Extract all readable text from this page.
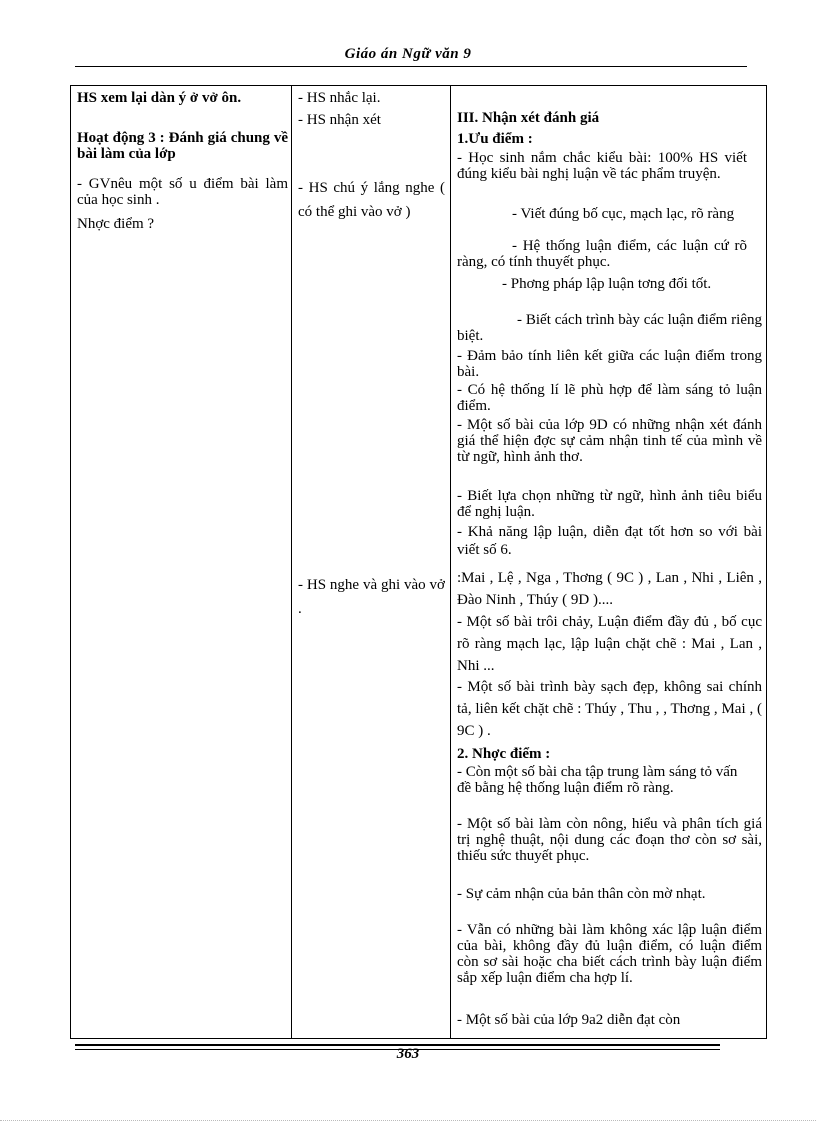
Giáo án Ngữ văn 9
HS xem lại dàn ý ở vở ôn.
Hoạt động 3 : Đánh giá chung về bài làm của lớp
- GVnêu một số u điểm bài làm của học sinh .
Nhợc điểm ?
- HS nhắc lại.
- HS nhận xét
- HS chú ý lắng nghe ( có thể ghi vào vở )
- HS nghe và ghi vào vở .
III. Nhận xét đánh giá
1.Ưu điểm :
- Học sinh nắm chắc kiểu bài: 100% HS viết đúng kiểu bài nghị luận về tác phẩm truyện.
- Viết đúng bố cục, mạch lạc, rõ ràng
- Hệ thống luận điểm, các luận cứ rõ ràng, có tính thuyết phục.
- Phơng pháp lập luận tơng đối tốt.
- Biết cách trình bày các luận điểm riêng biệt.
- Đảm bảo tính liên kết giữa các luận điểm trong bài.
- Có hệ thống lí lẽ phù hợp để làm sáng tỏ luận điểm.
- Một số bài của lớp 9D có những nhận xét đánh giá thể hiện đợc sự cảm nhận tinh tế của mình về từ ngữ, hình ảnh thơ.
- Biết lựa chọn những từ ngữ, hình ảnh tiêu biểu để nghị luận.
- Khả năng lập luận, diễn đạt tốt hơn so với bài viết số 6.
:Mai , Lệ , Nga , Thơng ( 9C ) , Lan , Nhi , Liên , Đào Ninh , Thúy ( 9D )....
- Một số bài trôi chảy, Luận điểm đầy đủ , bố cục rõ ràng mạch lạc, lập luận chặt chẽ : Mai , Lan , Nhi ...
- Một số bài trình bày sạch đẹp, không sai chính tả, liên kết chặt chẽ : Thúy , Thu , , Thơng , Mai , ( 9C ) .
2. Nhợc điểm :
- Còn một số bài cha tập trung làm sáng tỏ vấn đề bằng hệ thống luận điểm rõ ràng.
- Một số bài làm còn nông, hiểu và phân tích giá trị nghệ thuật, nội dung các đoạn thơ còn sơ sài, thiếu sức thuyết phục.
- Sự cảm nhận của bản thân còn mờ nhạt.
- Vẫn có những bài làm không xác lập luận điểm của bài, không đầy đủ luận điểm, có luận điểm còn sơ sài hoặc cha biết cách trình bày luận điểm sắp xếp luận điểm cha hợp lí.
- Một số bài của lớp 9a2 diễn đạt còn
363
